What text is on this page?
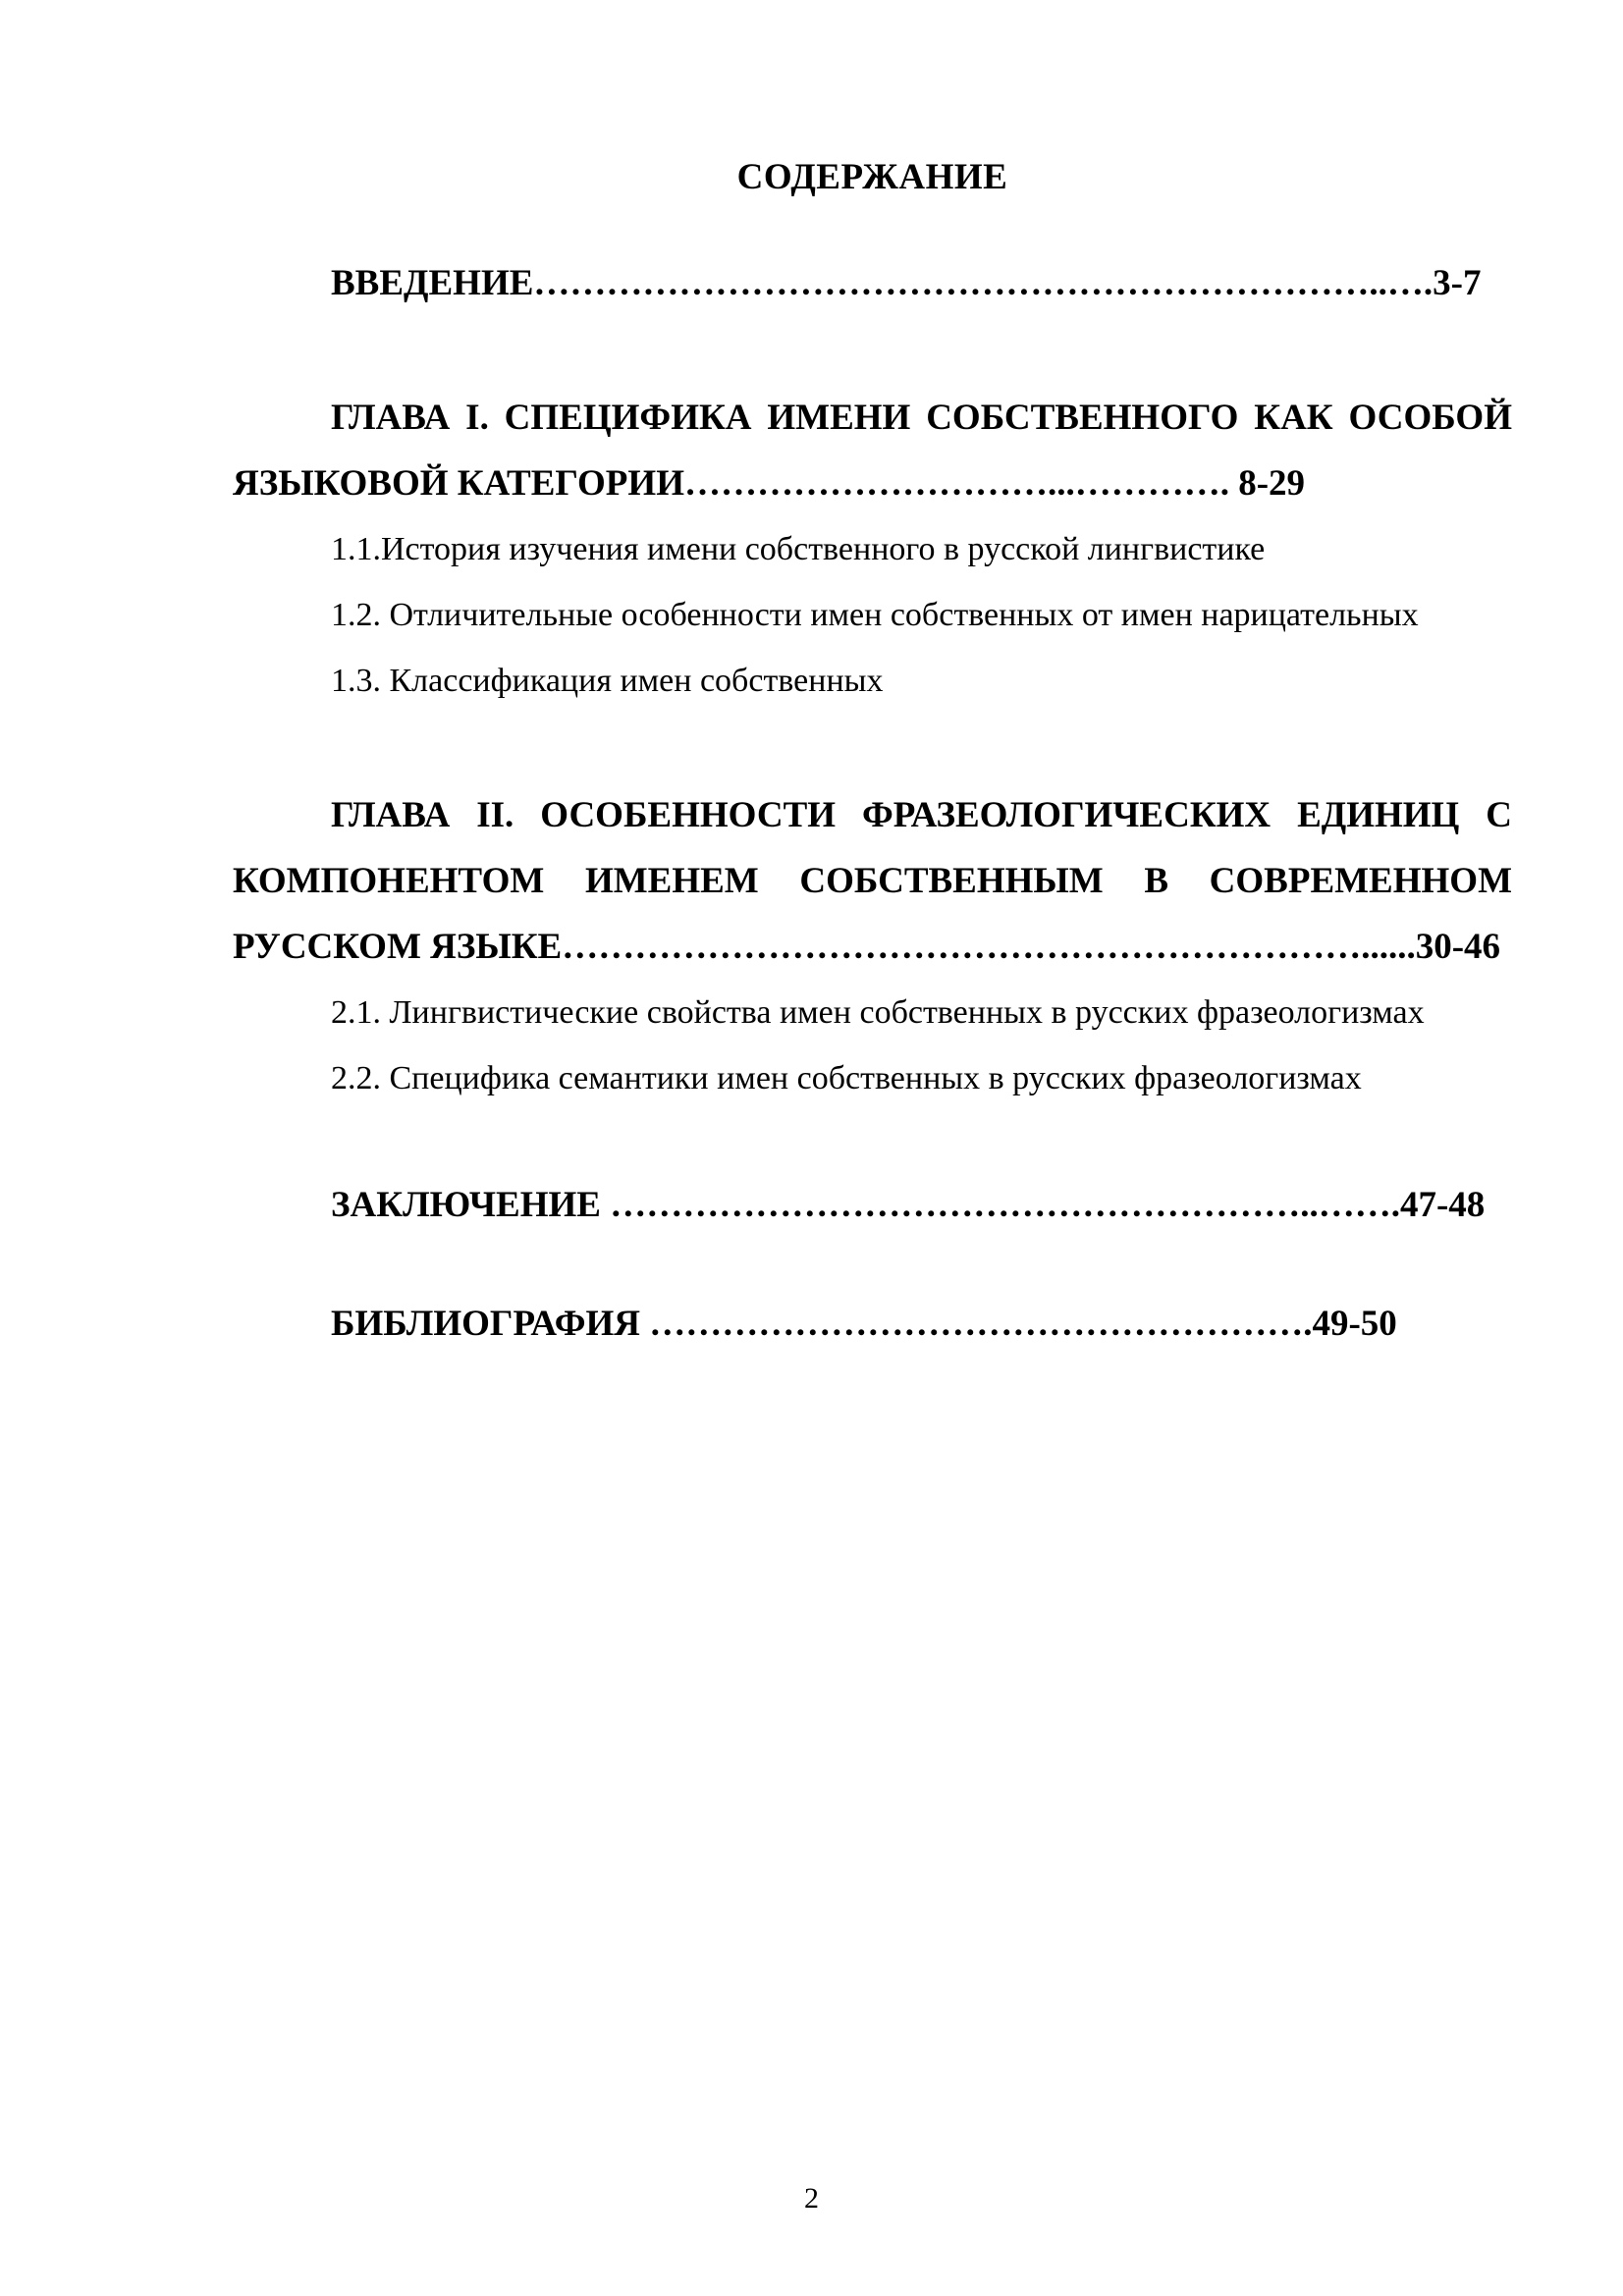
СОДЕРЖАНИЕ

ВВЕДЕНИЕ……………………………………………………………..….3-7

ГЛАВА I. СПЕЦИФИКА ИМЕНИ СОБСТВЕННОГО КАК ОСОБОЙ ЯЗЫКОВОЙ КАТЕГОРИИ…………………………...…………. 8-29

1.1.История изучения имени собственного в русской лингвистике

1.2. Отличительные особенности имен собственных от имен нарицательных

1.3. Классификация имен собственных

ГЛАВА II. ОСОБЕННОСТИ ФРАЗЕОЛОГИЧЕСКИХ ЕДИНИЦ С КОМПОНЕНТОМ ИМЕНЕМ СОБСТВЕННЫМ В СОВРЕМЕННОМ РУССКОМ ЯЗЫКЕ…………………………………………………………......30-46

2.1. Лингвистические свойства имен собственных в русских фразеологизмах

2.2. Специфика семантики имен собственных в русских фразеологизмах

ЗАКЛЮЧЕНИЕ …………………………………………………..…….47-48

БИБЛИОГРАФИЯ ……………………………………………….49-50

2
